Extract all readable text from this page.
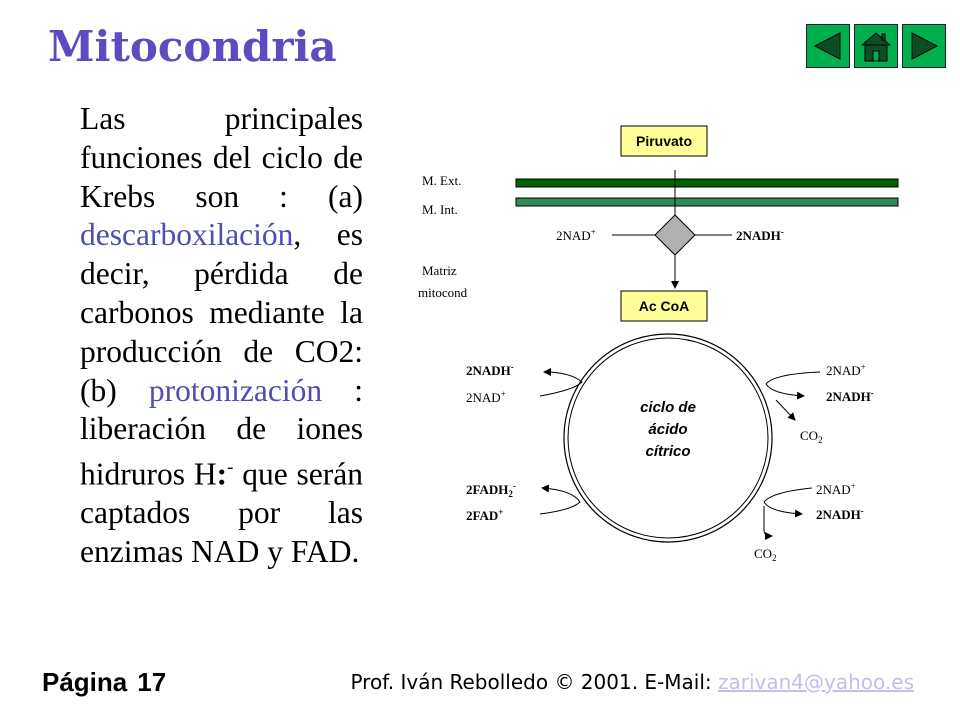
Mitocondria
Las principales funciones del ciclo de Krebs son : (a) descarboxilación, es decir, pérdida de carbonos mediante la producción de CO2: (b) protonización : liberación de iones hidruros H:- que serán captados por las enzimas NAD y FAD.
Piruvato
Ac CoA
M. Ext.
M. Int.
Matriz
mitocond
2NAD+	2NADH-
ciclo de
ácido
cítrico
2NADH-
2NAD+
2NAD+
2NADH-
$CO_2$
$2FADH_2^-$
2FAD+
2NAD+
2NADH-
$CO_2$
Página 17	Prof. Iván Rebolledo © 2001. E-Mail: zarivan4@yahoo.es
